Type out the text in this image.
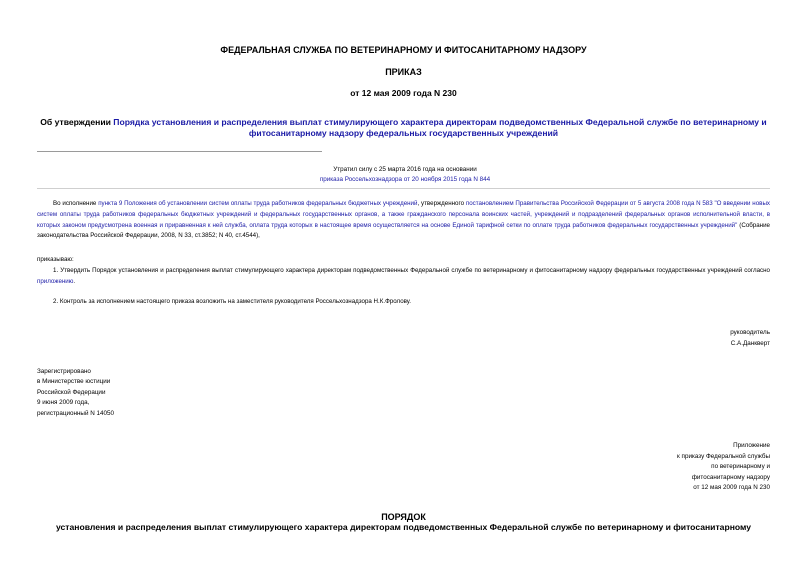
ФЕДЕРАЛЬНАЯ СЛУЖБА ПО ВЕТЕРИНАРНОМУ И ФИТОСАНИТАРНОМУ НАДЗОРУ
ПРИКАЗ
от 12 мая 2009 года N 230
Об утверждении Порядка установления и распределения выплат стимулирующего характера директорам подведомственных Федеральной службе по ветеринарному и фитосанитарному надзору федеральных государственных учреждений
Утратил силу с 25 марта 2016 года на основании
приказа Россельхознадзора от 20 ноября 2015 года N 844
Во исполнение пункта 9 Положения об установлении систем оплаты труда работников федеральных бюджетных учреждений, утвержденного постановлением Правительства Российской Федерации от 5 августа 2008 года N 583 "О введении новых систем оплаты труда работников федеральных бюджетных учреждений и федеральных государственных органов, а также гражданского персонала воинских частей, учреждений и подразделений федеральных органов исполнительной власти, в которых законом предусмотрена военная и приравненная к ней служба, оплата труда которых в настоящее время осуществляется на основе Единой тарифной сетки по оплате труда работников федеральных государственных учреждений" (Собрание законодательства Российской Федерации, 2008, N 33, ст.3852; N 40, ст.4544),
приказываю:
1. Утвердить Порядок установления и распределения выплат стимулирующего характера директорам подведомственных Федеральной службе по ветеринарному и фитосанитарному надзору федеральных государственных учреждений согласно приложению.
2. Контроль за исполнением настоящего приказа возложить на заместителя руководителя Россельхознадзора Н.К.Фролову.
руководитель
С.А.Данкверт
Зарегистрировано
в Министерстве юстиции
Российской Федерации
9 июня 2009 года,
регистрационный N 14050
Приложение
к приказу Федеральной службы
по ветеринарному и
фитосанитарному надзору
от 12 мая 2009 года N 230
ПОРЯДОК
установления и распределения выплат стимулирующего характера директорам подведомственных Федеральной службе по ветеринарному и фитосанитарному
